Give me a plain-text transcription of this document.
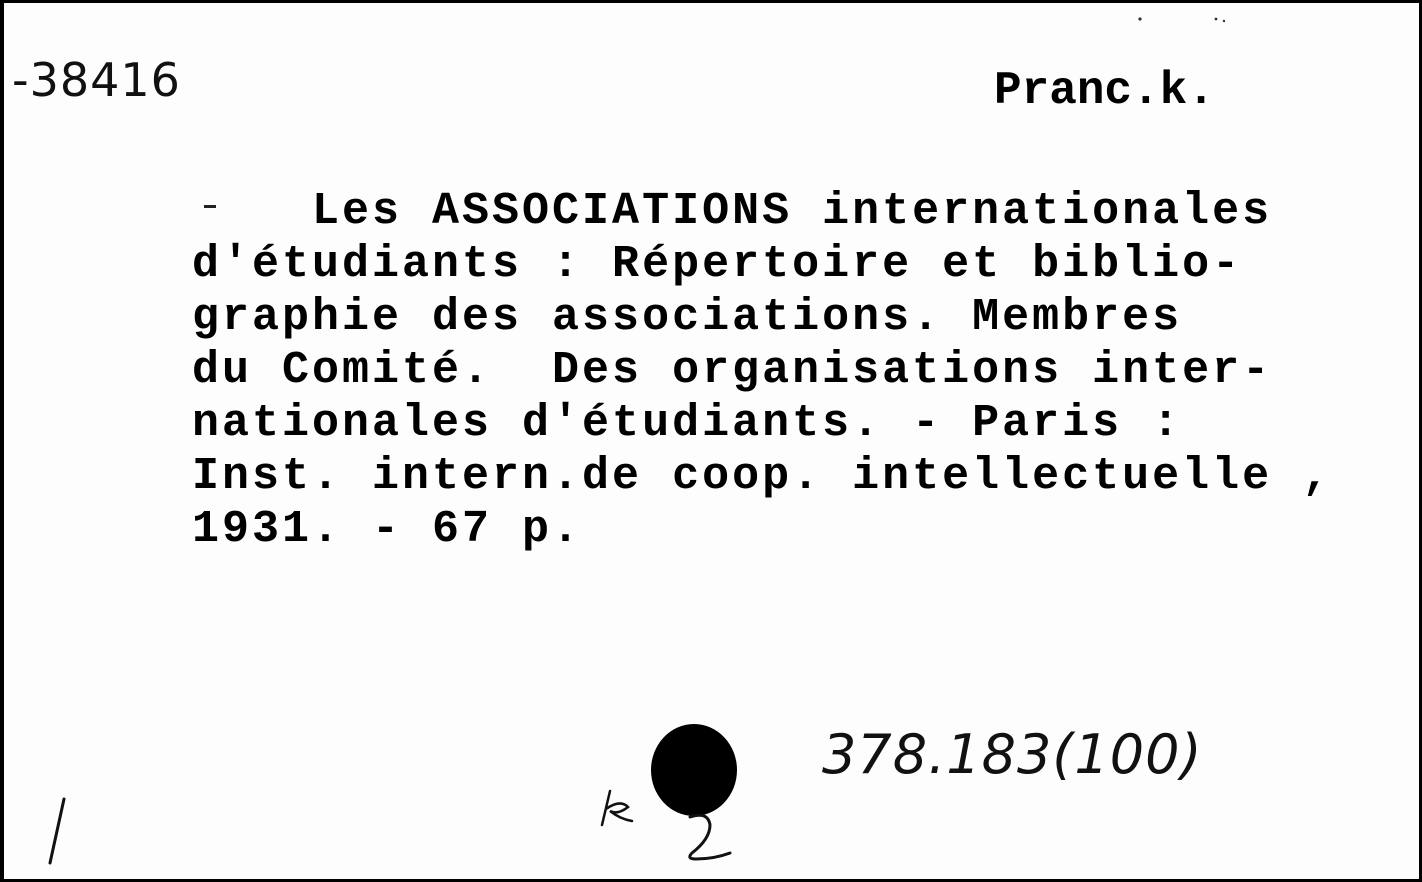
-38416	Pranc.k.
Les ASSOCIATIONS internationales
d'étudiants : Répertoire et biblio-
graphie des associations. Membres
du Comité.  Des organisations inter-
nationales d'étudiants. - Paris :
Inst. intern.de coop. intellectuelle ,
1931. - 67 p.
378.183(100)
